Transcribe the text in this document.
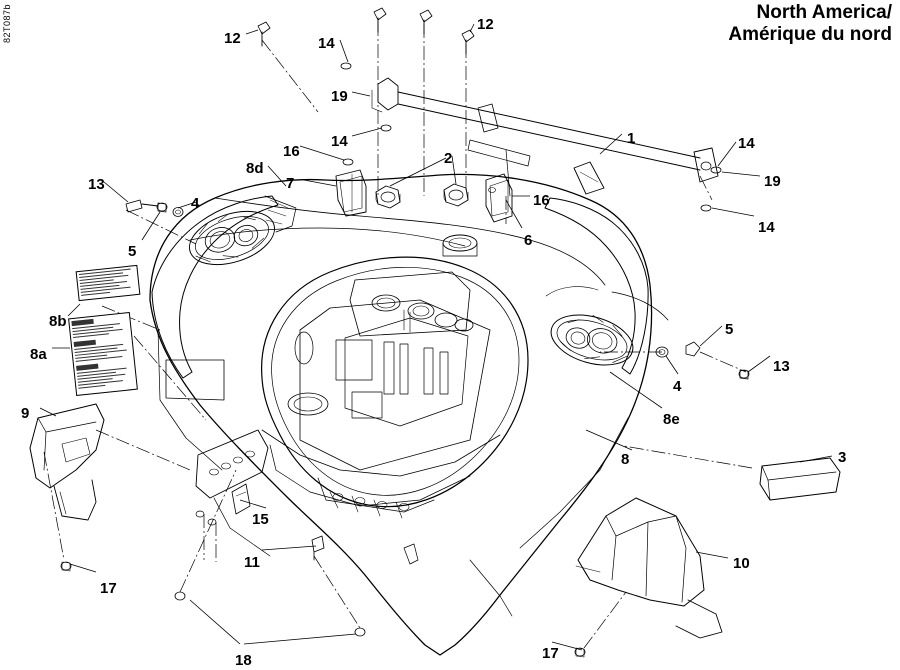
82T087b	North America/
Amérique du nord
12	14
12
19
14	1	14
19
14
16
8d
2
16
7
6
13
4
5
5
13
4
8b
8a
8e
9
8	3
15
11	10
17
17
18
